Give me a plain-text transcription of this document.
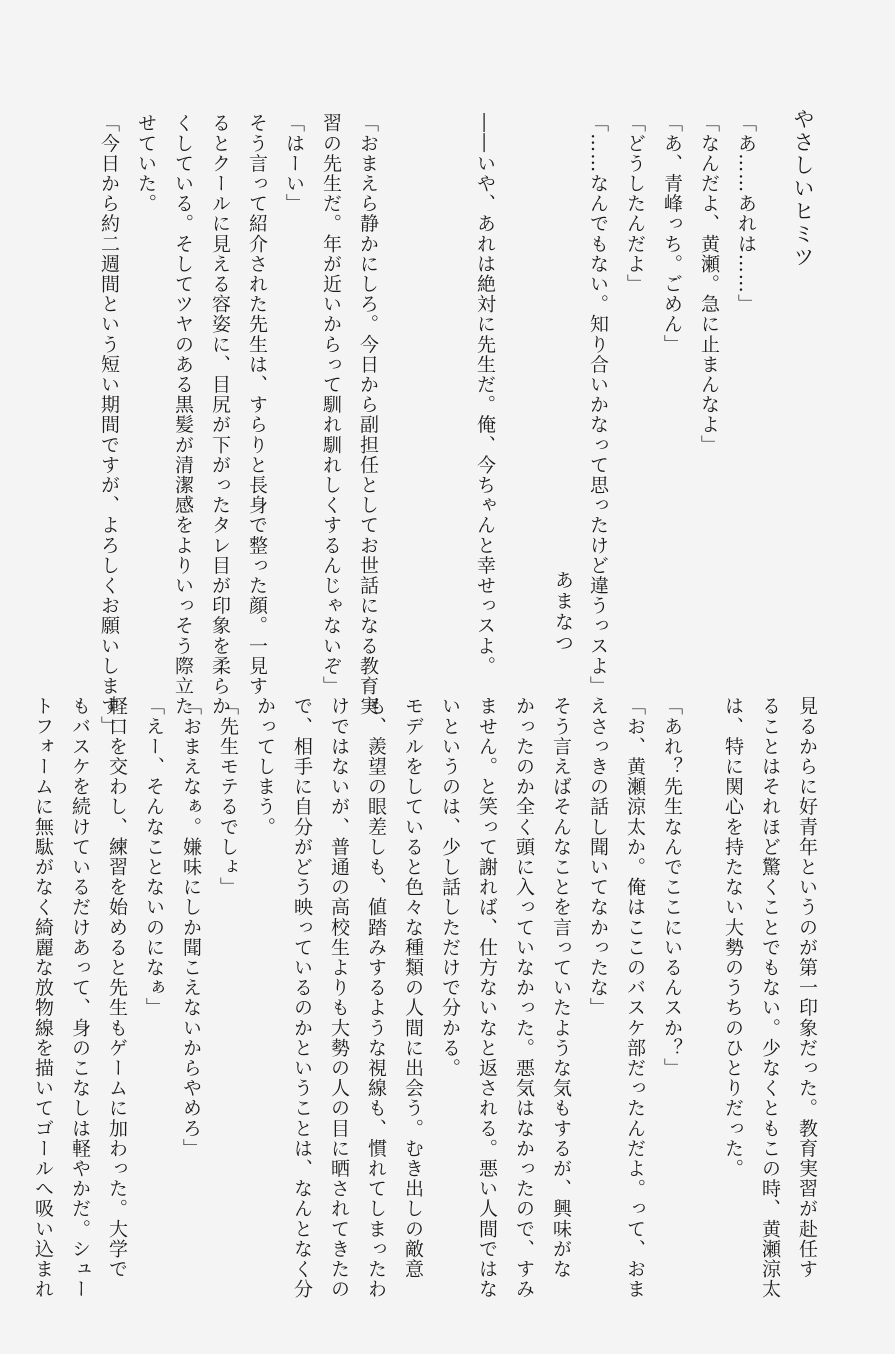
やさしいヒミツ
あまなつ
「あ……あれは……」
「なんだよ、黄瀬。急に止まんなよ」
「あ、青峰っち。ごめん」
「どうしたんだよ」
「……なんでもない。知り合いかなって思ったけど違うっスよ」
――いや、あれは絶対に先生だ。俺、今ちゃんと幸せっスよ。
「おまえら静かにしろ。今日から副担任としてお世話になる教育実
習の先生だ。年が近いからって馴れ馴れしくするんじゃないぞ」
「はーい」
そう言って紹介された先生は、すらりと長身で整った顔。一見す
るとクールに見える容姿に、目尻が下がったタレ目が印象を柔らか
くしている。そしてツヤのある黒髪が清潔感をよりいっそう際立た
せていた。
「今日から約二週間という短い期間ですが、よろしくお願いします」
見るからに好青年というのが第一印象だった。教育実習が赴任す
ることはそれほど驚くことでもない。少なくともこの時、黄瀬涼太
は、特に関心を持たない大勢のうちのひとりだった。
「あれ？先生なんでここにいるんスか？」
「お、黄瀬涼太か。俺はここのバスケ部だったんだよ。って、おま
えさっきの話し聞いてなかったな」
そう言えばそんなことを言っていたような気もするが、興味がな
かったのか全く頭に入っていなかった。悪気はなかったので、すみ
ません。と笑って謝れば、仕方ないなと返される。悪い人間ではな
いというのは、少し話しただけで分かる。
モデルをしていると色々な種類の人間に出会う。むき出しの敵意
も、羨望の眼差しも、値踏みするような視線も、慣れてしまったわ
けではないが、普通の高校生よりも大勢の人の目に晒されてきたの
で、相手に自分がどう映っているのかということは、なんとなく分
かってしまう。
「先生モテるでしょ」
「おまえなぁ。嫌味にしか聞こえないからやめろ」
「えー、そんなことないのになぁ」
軽口を交わし、練習を始めると先生もゲームに加わった。大学で
もバスケを続けているだけあって、身のこなしは軽やかだ。シュー
トフォームに無駄がなく綺麗な放物線を描いてゴールへ吸い込まれ
